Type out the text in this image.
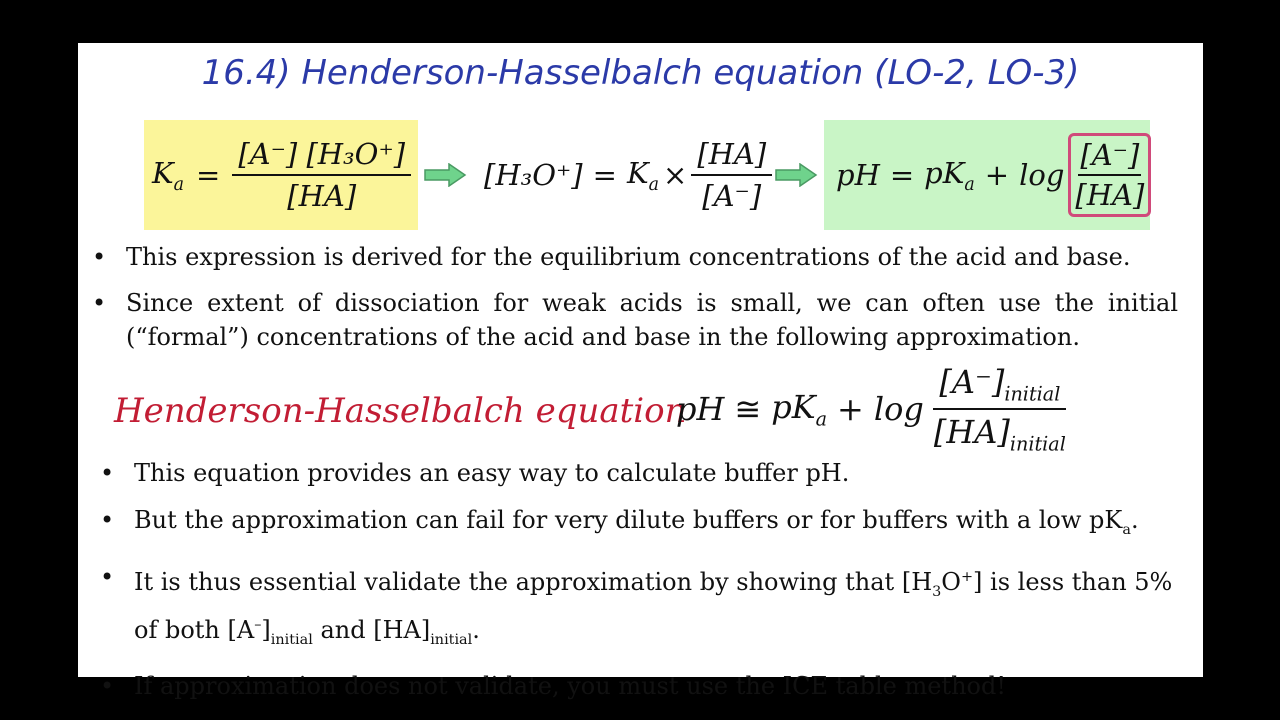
16.4) Henderson-Hasselbalch equation (LO-2, LO-3)
$K_a = \frac{\text{[A⁻] [H₃O⁺]}}{[HA]}$	$[H_3O^+] = K_a \times \frac{[HA]}{[A^-]}$ pH = $pK_a + \log \frac{[A^-]}{[HA]}$
• This expression is derived for the equilibrium concentrations of the acid and base.
• Since extent of dissociation for weak acids is small, we can often use the initial (“formal”) concentrations of the acid and base in the following approximation.
Henderson-Hasselbalch equation
pH ≅ $pK_a + \log \frac{[A^-]_{initial}}{[HA]_{initial}}$
• This equation provides an easy way to calculate buffer pH.
• But the approximation can fail for very dilute buffers or for buffers with a low $pK_a$.
• It is thus essential validate the approximation by showing that $[H_3O^+]$ is less than 5% of both $[A^-]_{initial}$ and $[HA]_{initial}$.
• If approximation does not validate, you must use the ICE table method!
